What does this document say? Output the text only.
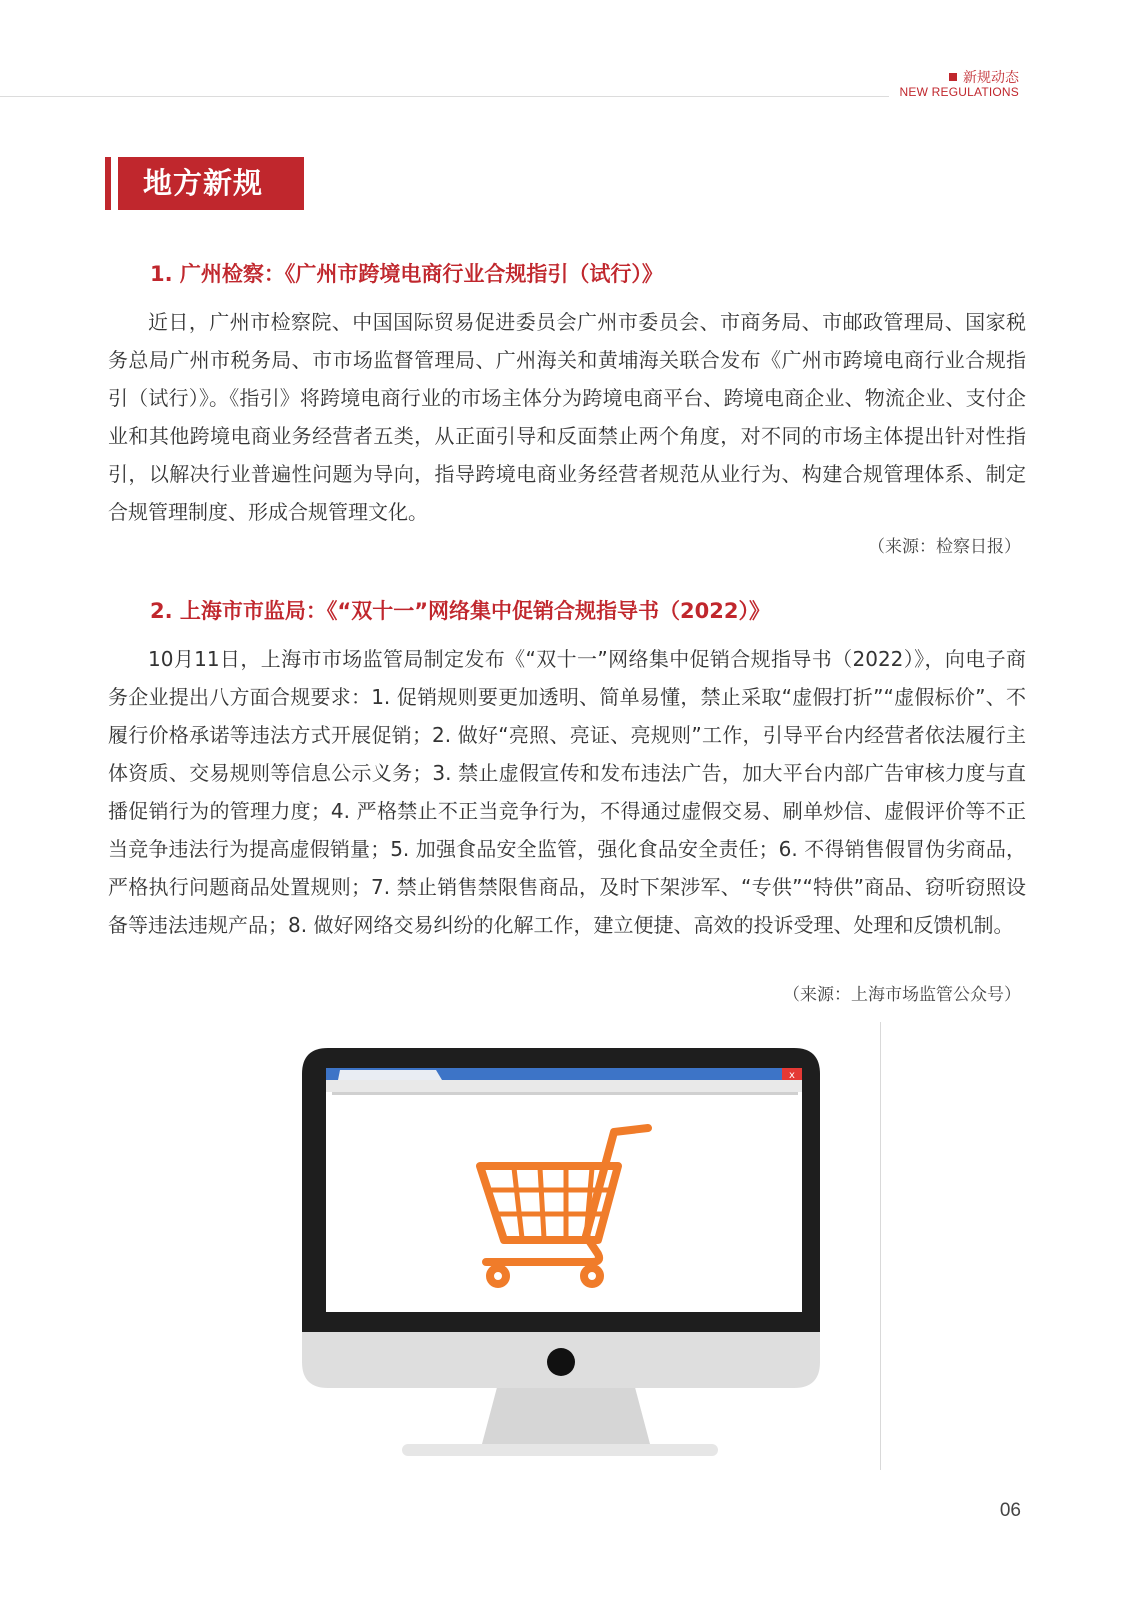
新规动态
NEW REGULATIONS
地方新规
1. 广州检察：《广州市跨境电商行业合规指引（试行）》

近日，广州市检察院、中国国际贸易促进委员会广州市委员会、市商务局、市邮政管理局、国家税务总局广州市税务局、市市场监督管理局、广州海关和黄埔海关联合发布《广州市跨境电商行业合规指引（试行）》。《指引》将跨境电商行业的市场主体分为跨境电商平台、跨境电商企业、物流企业、支付企业和其他跨境电商业务经营者五类，从正面引导和反面禁止两个角度，对不同的市场主体提出针对性指引，以解决行业普遍性问题为导向，指导跨境电商业务经营者规范从业行为、构建合规管理体系、制定合规管理制度、形成合规管理文化。

（来源：检察日报）
2. 上海市市监局：《“双十一”网络集中促销合规指导书（2022）》

10月11日，上海市市场监管局制定发布《“双十一”网络集中促销合规指导书（2022）》，向电子商务企业提出八方面合规要求：1. 促销规则要更加透明、简单易懂，禁止采取“虚假打折”“虚假标价”、不履行价格承诺等违法方式开展促销；2. 做好“亮照、亮证、亮规则”工作，引导平台内经营者依法履行主体资质、交易规则等信息公示义务；3. 禁止虚假宣传和发布违法广告，加大平台内部广告审核力度与直播促销行为的管理力度；4. 严格禁止不正当竞争行为，不得通过虚假交易、刷单炒信、虚假评价等不正当竞争违法行为提高虚假销量；5. 加强食品安全监管，强化食品安全责任；6. 不得销售假冒伪劣商品，严格执行问题商品处置规则；7. 禁止销售禁限售商品，及时下架涉军、“专供”“特供”商品、窃听窃照设备等违法违规产品；8. 做好网络交易纠纷的化解工作，建立便捷、高效的投诉受理、处理和反馈机制。

（来源：上海市场监管公众号）
x
06
